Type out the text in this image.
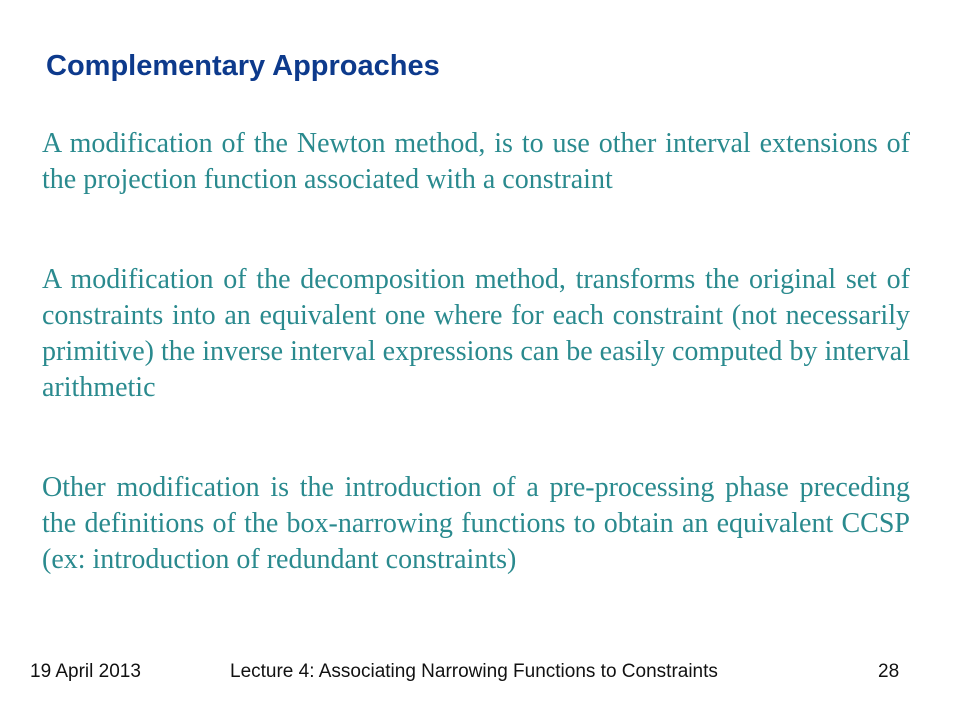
Complementary Approaches

A modification of the Newton method, is to use other interval extensions of the projection function associated with a constraint

A modification of the decomposition method, transforms the original set of constraints into an equivalent one where for each constraint (not necessarily primitive) the inverse interval expressions can be easily computed by interval arithmetic

Other modification is the introduction of a pre-processing phase preceding the definitions of the box-narrowing functions to obtain an equivalent CCSP (ex: introduction of redundant constraints)

19 April 2013	Lecture 4: Associating Narrowing Functions to Constraints	28
